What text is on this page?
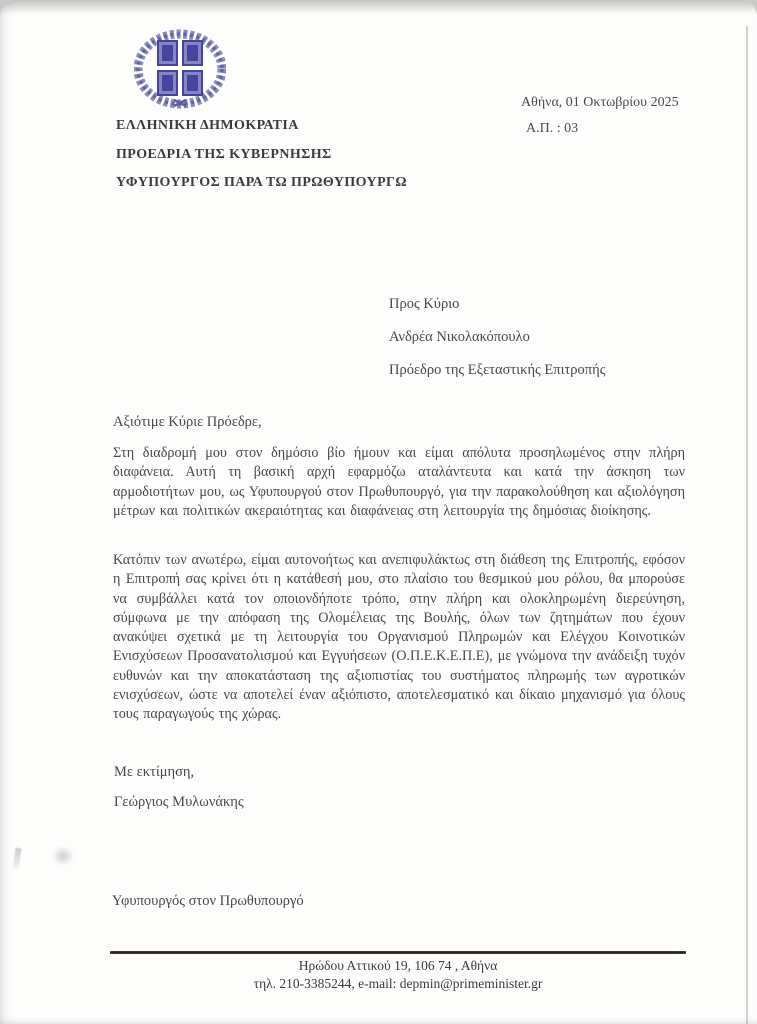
ΕΛΛΗΝΙΚΗ ΔΗΜΟΚΡΑΤΙΑ
ΠΡΟΕΔΡΙΑ ΤΗΣ ΚΥΒΕΡΝΗΣΗΣ
ΥΦΥΠΟΥΡΓΟΣ ΠΑΡΑ ΤΩ ΠΡΩΘΥΠΟΥΡΓΩ
Αθήνα, 01 Οκτωβρίου 2025
Α.Π. : 03
Προς Κύριο
Ανδρέα Νικολακόπουλο
Πρόεδρο της Εξεταστικής Επιτροπής
Αξιότιμε Κύριε Πρόεδρε,

Στη διαδρομή μου στον δημόσιο βίο ήμουν και είμαι απόλυτα προσηλωμένος στην πλήρη διαφάνεια. Αυτή τη βασική αρχή εφαρμόζω αταλάντευτα και κατά την άσκηση των αρμοδιοτήτων μου, ως Υφυπουργού στον Πρωθυπουργό, για την παρακολούθηση και αξιολόγηση μέτρων και πολιτικών ακεραιότητας και διαφάνειας στη λειτουργία της δημόσιας διοίκησης.

Κατόπιν των ανωτέρω, είμαι αυτονοήτως και ανεπιφυλάκτως στη διάθεση της Επιτροπής, εφόσον η Επιτροπή σας κρίνει ότι η κατάθεσή μου, στο πλαίσιο του θεσμικού μου ρόλου, θα μπορούσε να συμβάλλει κατά τον οποιονδήποτε τρόπο, στην πλήρη και ολοκληρωμένη διερεύνηση, σύμφωνα με την απόφαση της Ολομέλειας της Βουλής, όλων των ζητημάτων που έχουν ανακύψει σχετικά με τη λειτουργία του Οργανισμού Πληρωμών και Ελέγχου Κοινοτικών Ενισχύσεων Προσανατολισμού και Εγγυήσεων (Ο.Π.Ε.Κ.Ε.Π.Ε), με γνώμονα την ανάδειξη τυχόν ευθυνών και την αποκατάσταση της αξιοπιστίας του συστήματος πληρωμής των αγροτικών ενισχύσεων, ώστε να αποτελεί έναν αξιόπιστο, αποτελεσματικό και δίκαιο μηχανισμό για όλους τους παραγωγούς της χώρας.

Με εκτίμηση,
Γεώργιος Μυλωνάκης
Υφυπουργός στον Πρωθυπουργό
Ηρώδου Αττικού 19, 106 74 , Αθήνα
τηλ. 210-3385244, e-mail: depmin@primeminister.gr
